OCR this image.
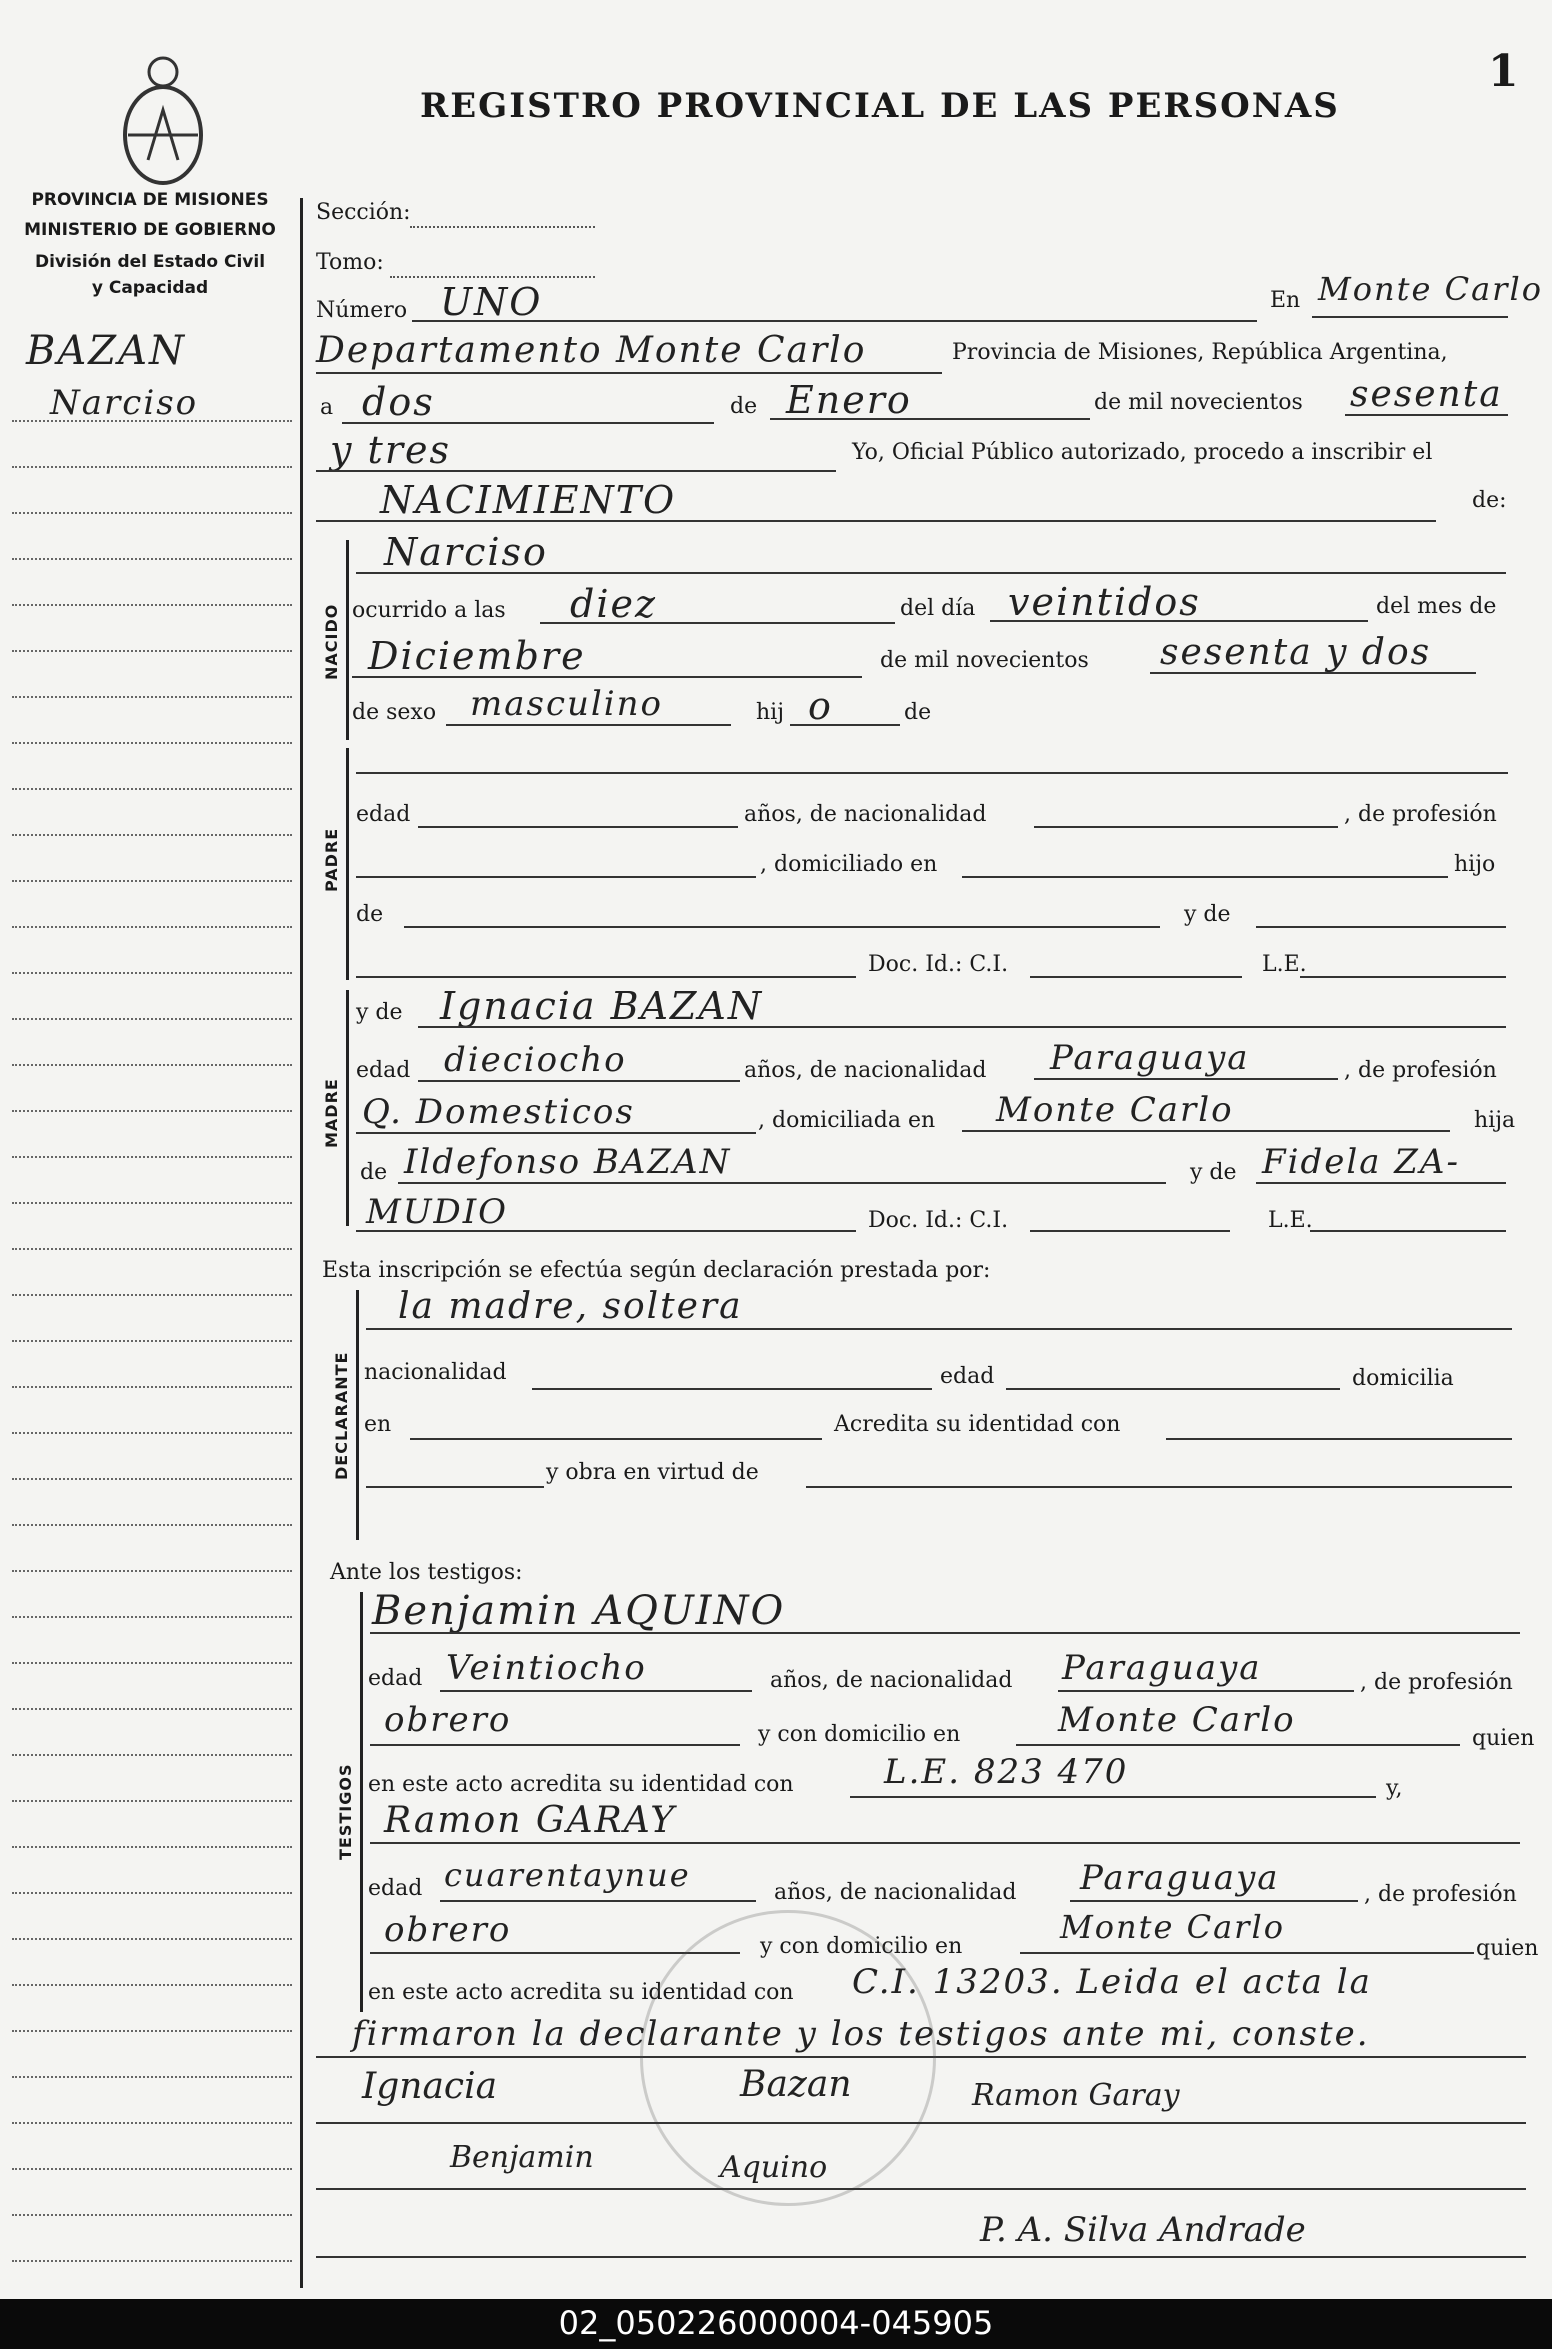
REGISTRO PROVINCIAL DE LAS PERSONAS
1
PROVINCIA DE MISIONES
MINISTERIO DE GOBIERNO
División del Estado Civil
y Capacidad
BAZAN
Narciso
Sección:
Tomo:
Número UNO	En Monte Carlo
Departamento Monte Carlo	Provincia de Misiones, República Argentina,
a dos	de Enero	de mil novecientos sesenta
y tres	Yo, Oficial Público autorizado, procedo a inscribir el
NACIMIENTO	de:
NACIDO
Narciso
ocurrido a las diez	del día veintidos	del mes de
Diciembre	de mil novecientos sesenta y dos
de sexo masculino	hij o	de
PADRE
edad	años, de nacionalidad	, de profesión
, domiciliado en	hijo
de	y de
Doc. Id.: C.I.	L.E.
MADRE
y de Ignacia BAZAN
edad dieciocho	años, de nacionalidad Paraguaya	, de profesión
Q. Domesticos	, domiciliada en Monte Carlo	hija
de Ildefonso BAZAN	y de Fidela ZA-
MUDIO	Doc. Id.: C.I.	L.E.
Esta inscripción se efectúa según declaración prestada por:
DECLARANTE
la madre, soltera
nacionalidad	edad	domicilia
en	Acredita su identidad con
y obra en virtud de
Ante los testigos:
TESTIGOS
Benjamin AQUINO
edad Veintiocho	años, de nacionalidad Paraguaya	, de profesión
obrero	y con domicilio en	Monte Carlo	quien
en este acto acredita su identidad con	L.E. 823 470	y,
Ramon GARAY
edad cuarentaynue	años, de nacionalidad Paraguaya	, de profesión
obrero	y con domicilio en
Monte Carlo
quien
en este acto acredita su identidad con C.I. 13203. Leida el acta la
firmaron la declarante y los testigos ante mi, conste.
Ignacia	Bazan	Ramon Garay
Benjamin	Aquino
P. A. Silva Andrade
02_050226000004-045905
